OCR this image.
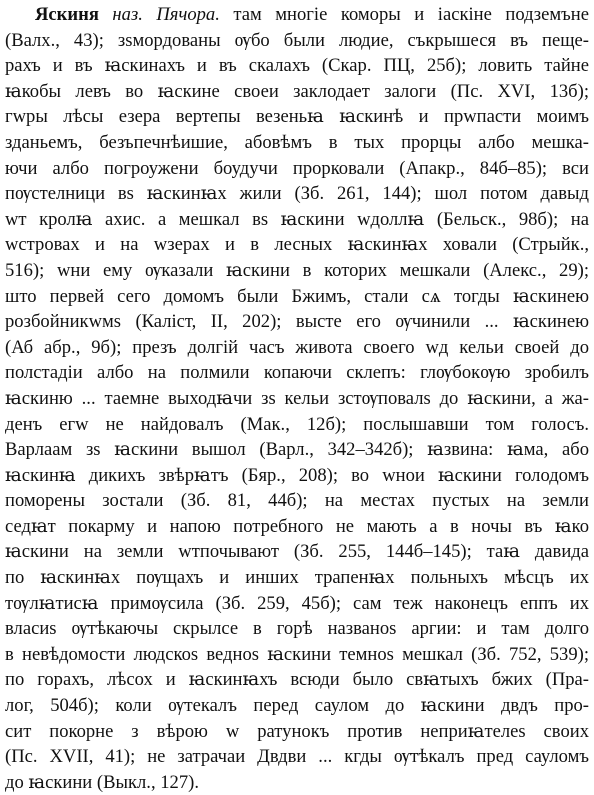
Яскиня наз. Пячора. там многiе коморы и iаскiне подземъне
(Валх., 43); зsмордованы ѹбо были людие, съкрышеся въ пеще-
рахъ и въ ꙗскинахъ и въ скалахъ (Скар. ПЦ, 25б); ловить тайне
ꙗкобы левъ во ꙗскине своеи заклодает залоги (Пс. XVI, 13б);
гwры лѣсы езера вертепы везеньꙗ ꙗскинѣ и прwпасти моимъ
зданьемъ, безъпечнѣишие, абовѣмъ в тых прорцы албо мешка-
ючи албо погроужени боудучи прорковали (Апакр., 84б–85); вси
пѹстелници вs ꙗскинꙗх жили (Зб. 261, 144); шол потом давыд
wт кролꙗ ахис. а мешкал вs ꙗскини wдоллꙗ (Бельск., 98б); на
wстровах и на wзерах и в лесных ꙗскинꙗх ховали (Стрыйк.,
516); wни ему ѹказали ꙗскини в которих мешкали (Алекс., 29);
што первей сего домомъ были Бжимъ, стали сѧ тогды ꙗскинею
розбойникwмs (Калiст, II, 202); высте его ѹчинили ... ꙗскинею
(Аб абр., 9б); презъ долгiй часъ живота своего wд кельи своей до
полстадiи албо на полмили копаючи склепъ: глѹбокѹю зробилъ
ꙗскиню ... таемне выходꙗчи зs кельи зстѹповалs до ꙗскини, а жа-
денъ егw не найдовалъ (Мак., 12б); послышавши том голосъ.
Варлаам зs ꙗскини вышол (Варл., 342–342б); ꙗзвина: ꙗма, або
ꙗскинꙗ дикихъ звѣрꙗтъ (Бяр., 208); во wнои ꙗскини голодомъ
поморены зостали (Зб. 81, 44б); на местах пустых на земли
седꙗт покарму и напою потребного не мають а в ночы въ ꙗко
ꙗскини на земли wтпочывают (Зб. 255, 144б–145); таꙗ давида
по ꙗскинꙗх пѹщахъ и инших трапенꙗх польныхъ мѣсцъ их
тѹлꙗтисꙗ примѹсила (Зб. 259, 45б); сам теж наконецъ еппъ их
власиs ѹтѣкаючы скрылсе в горѣ названоs аргии: и там долго
в невѣдомости людскоs ведноs ꙗскини темноs мешкал (Зб. 752, 539);
по горахъ, лѣсох и ꙗскинꙗхъ всюди было свꙗтыхъ бжих (Пра-
лог, 504б); коли ѹтекалъ перед саулом до ꙗскини двдъ про-
сит покорне з вѣрою w ратунокъ против неприꙗтелеs своих
(Пс. XVII, 41); не затрачаи Двдви ... кгды ѹтѣкалъ пред сауломъ
до ꙗскини (Выкл., 127).
